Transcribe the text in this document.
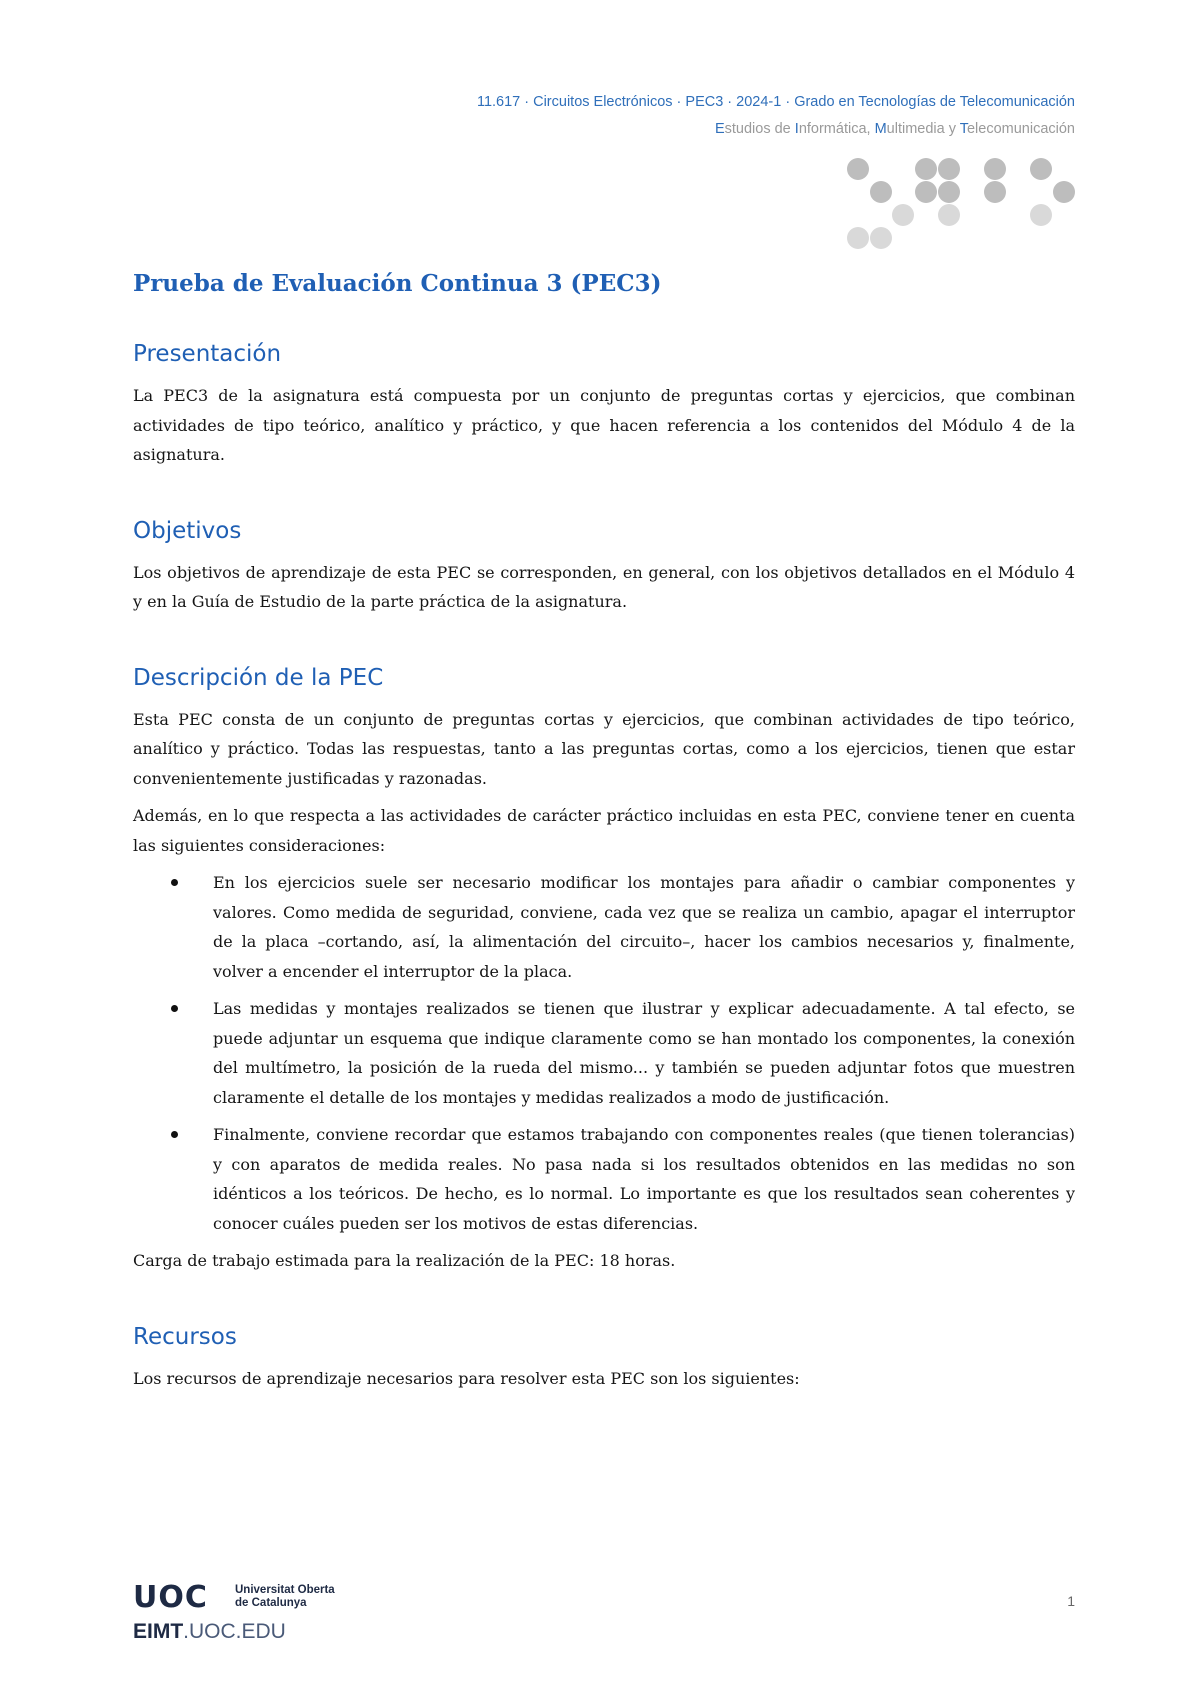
11.617 · Circuitos Electrónicos · PEC3 · 2024-1 · Grado en Tecnologías de Telecomunicación
Estudios de Informática, Multimedia y Telecomunicación
Prueba de Evaluación Continua 3 (PEC3)
Presentación

La PEC3 de la asignatura está compuesta por un conjunto de preguntas cortas y ejercicios, que combinan actividades de tipo teórico, analítico y práctico, y que hacen referencia a los contenidos del Módulo 4 de la asignatura.

Objetivos

Los objetivos de aprendizaje de esta PEC se corresponden, en general, con los objetivos detallados en el Módulo 4 y en la Guía de Estudio de la parte práctica de la asignatura.

Descripción de la PEC

Esta PEC consta de un conjunto de preguntas cortas y ejercicios, que combinan actividades de tipo teórico, analítico y práctico. Todas las respuestas, tanto a las preguntas cortas, como a los ejercicios, tienen que estar convenientemente justificadas y razonadas.

Además, en lo que respecta a las actividades de carácter práctico incluidas en esta PEC, conviene tener en cuenta las siguientes consideraciones:

En los ejercicios suele ser necesario modificar los montajes para añadir o cambiar componentes y valores. Como medida de seguridad, conviene, cada vez que se realiza un cambio, apagar el interruptor de la placa –cortando, así, la alimentación del circuito–, hacer los cambios necesarios y, finalmente, volver a encender el interruptor de la placa.

Las medidas y montajes realizados se tienen que ilustrar y explicar adecuadamente. A tal efecto, se puede adjuntar un esquema que indique claramente como se han montado los componentes, la conexión del multímetro, la posición de la rueda del mismo... y también se pueden adjuntar fotos que muestren claramente el detalle de los montajes y medidas realizados a modo de justificación.

Finalmente, conviene recordar que estamos trabajando con componentes reales (que tienen tolerancias) y con aparatos de medida reales. No pasa nada si los resultados obtenidos en las medidas no son idénticos a los teóricos. De hecho, es lo normal. Lo importante es que los resultados sean coherentes y conocer cuáles pueden ser los motivos de estas diferencias.

Carga de trabajo estimada para la realización de la PEC: 18 horas.

Recursos

Los recursos de aprendizaje necesarios para resolver esta PEC son los siguientes:

UOC Universitat Oberta
de Catalunya
EIMT.UOC.EDU
1
